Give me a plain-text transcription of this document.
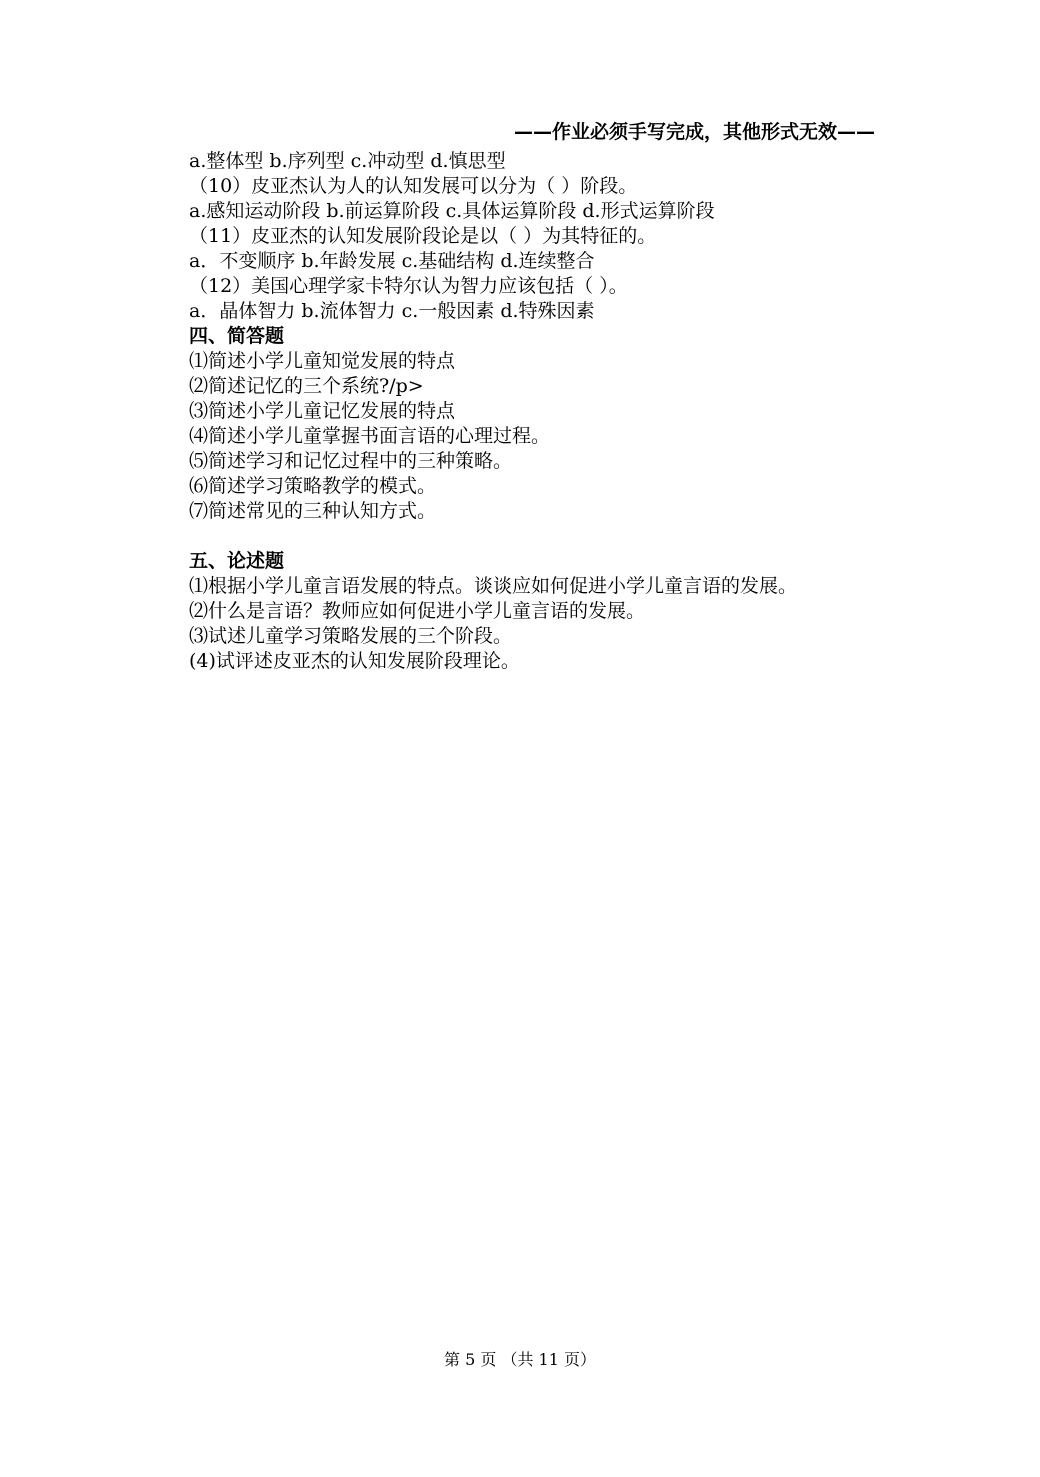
——作业必须手写完成，其他形式无效——
a.整体型 b.序列型 c.冲动型 d.慎思型
（10）皮亚杰认为人的认知发展可以分为（ ）阶段。
a.感知运动阶段 b.前运算阶段 c.具体运算阶段 d.形式运算阶段
（11）皮亚杰的认知发展阶段论是以（ ）为其特征的。
a．不变顺序 b.年龄发展 c.基础结构 d.连续整合
（12）美国心理学家卡特尔认为智力应该包括（ ）。
a．晶体智力 b.流体智力 c.一般因素 d.特殊因素
四、简答题
⑴简述小学儿童知觉发展的特点
⑵简述记忆的三个系统?/p>
⑶简述小学儿童记忆发展的特点
⑷简述小学儿童掌握书面言语的心理过程。
⑸简述学习和记忆过程中的三种策略。
⑹简述学习策略教学的模式。
⑺简述常见的三种认知方式。
五、论述题
⑴根据小学儿童言语发展的特点。谈谈应如何促进小学儿童言语的发展。
⑵什么是言语？教师应如何促进小学儿童言语的发展。
⑶试述儿童学习策略发展的三个阶段。
(4)试评述皮亚杰的认知发展阶段理论。
第 5 页 （共 11 页）
